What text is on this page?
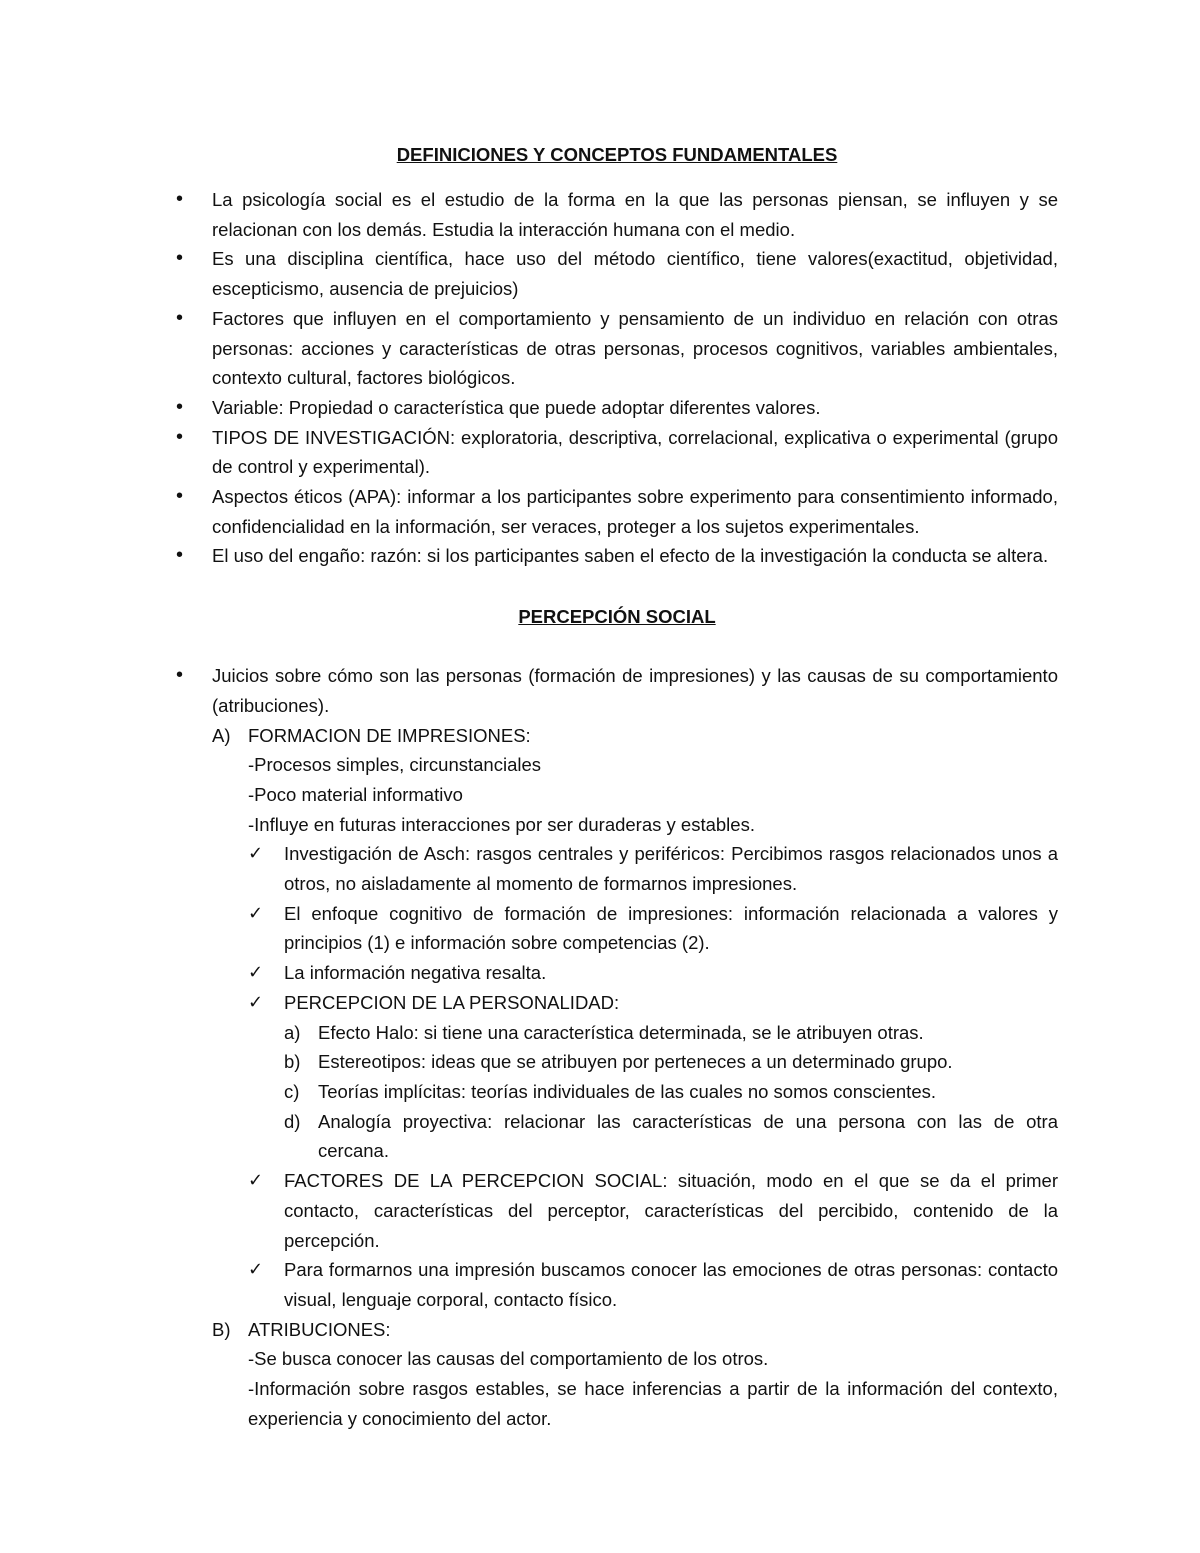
DEFINICIONES Y CONCEPTOS FUNDAMENTALES
• La psicología social es el estudio de la forma en la que las personas piensan, se influyen y se relacionan con los demás. Estudia la interacción humana con el medio.
• Es una disciplina científica, hace uso del método científico, tiene valores(exactitud, objetividad, escepticismo, ausencia de prejuicios)
• Factores que influyen en el comportamiento y pensamiento de un individuo en relación con otras personas: acciones y características de otras personas, procesos cognitivos, variables ambientales, contexto cultural, factores biológicos.
• Variable: Propiedad o característica que puede adoptar diferentes valores.
• TIPOS DE INVESTIGACIÓN: exploratoria, descriptiva, correlacional, explicativa o experimental (grupo de control y experimental).
• Aspectos éticos (APA): informar a los participantes sobre experimento para consentimiento informado, confidencialidad en la información, ser veraces, proteger a los sujetos experimentales.
• El uso del engaño: razón: si los participantes saben el efecto de la investigación la conducta se altera.
PERCEPCIÓN SOCIAL
• Juicios sobre cómo son las personas (formación de impresiones) y las causas de su comportamiento (atribuciones).
A) FORMACION DE IMPRESIONES:
-Procesos simples, circunstanciales
-Poco material informativo
-Influye en futuras interacciones por ser duraderas y estables.
✓ Investigación de Asch: rasgos centrales y periféricos: Percibimos rasgos relacionados unos a otros, no aisladamente al momento de formarnos impresiones.
✓ El enfoque cognitivo de formación de impresiones: información relacionada a valores y principios (1) e información sobre competencias (2).
✓ La información negativa resalta.
✓ PERCEPCION DE LA PERSONALIDAD:
a) Efecto Halo: si tiene una característica determinada, se le atribuyen otras.
b) Estereotipos: ideas que se atribuyen por perteneces a un determinado grupo.
c) Teorías implícitas: teorías individuales de las cuales no somos conscientes.
d) Analogía proyectiva: relacionar las características de una persona con las de otra cercana.
✓ FACTORES DE LA PERCEPCION SOCIAL: situación, modo en el que se da el primer contacto, características del perceptor, características del percibido, contenido de la percepción.
✓ Para formarnos una impresión buscamos conocer las emociones de otras personas: contacto visual, lenguaje corporal, contacto físico.
B) ATRIBUCIONES:
-Se busca conocer las causas del comportamiento de los otros.
-Información sobre rasgos estables, se hace inferencias a partir de la información del contexto, experiencia y conocimiento del actor.
